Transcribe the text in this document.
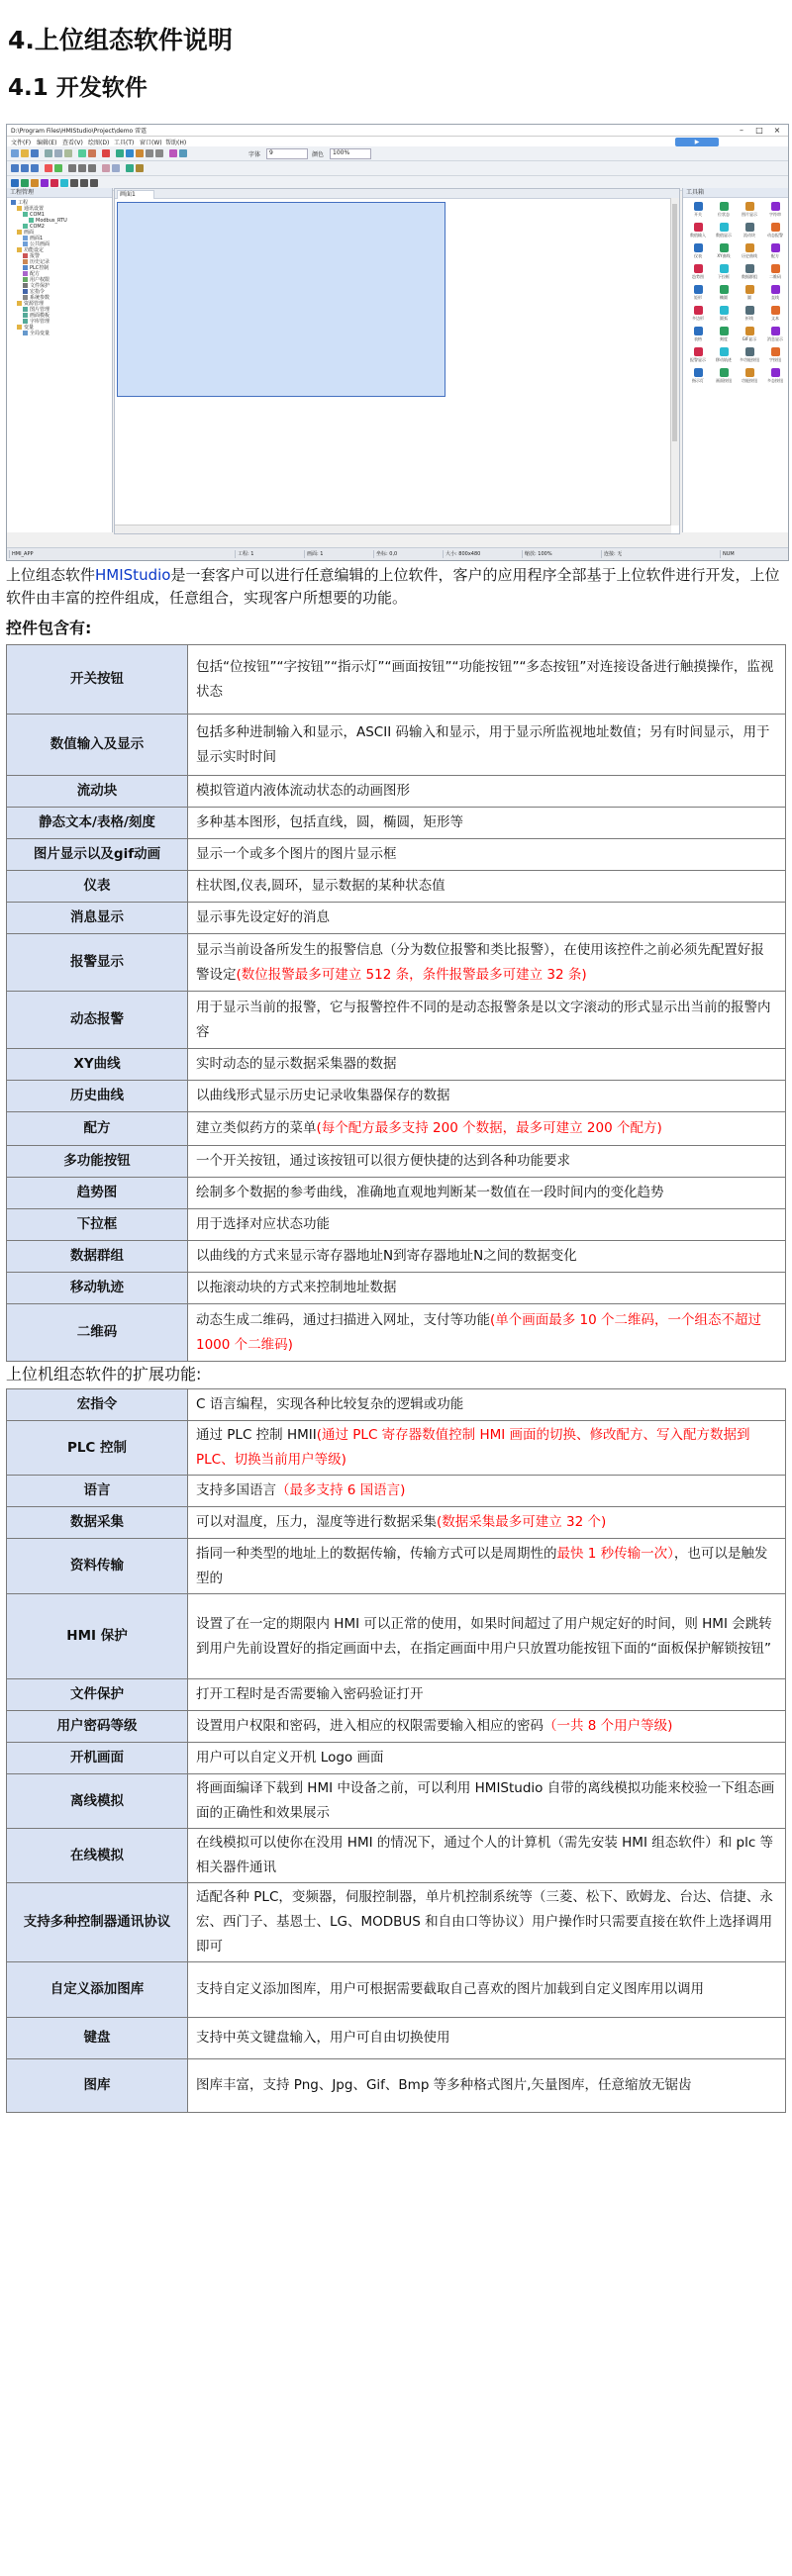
4.上位组态软件说明
4.1 开发软件
D:\Program Files\HMIStudio\Project\demo 雷霆	–	□	×
文件(F) 编辑(E) 查看(V) 绘图(D) 工具(T) 窗口(W) 帮助(H)	▶
字体	9	颜色	100%
工程管理
工程
通讯设置
COM1
Modbus_RTU
COM2
画面
画面1
公共画面
功能设定
报警
历史记录
PLC控制
配方
用户权限
文件保护
宏指令
系统参数
资源管理
图片管理
画面模板
字库管理
变量
全局变量
画面1	工具箱
开关	位状态	图片显示	字符串
数值输入	数值显示	流动块	动态报警
仪表	XY曲线	历史曲线	配方
趋势图	下拉框	数据群组	二维码
矩形	椭圆	圆	直线
多边形	圆弧	折线	文本
表格	刻度	GIF显示	消息显示
报警显示	移动轨迹	多功能按钮	字按钮
指示灯	画面按钮	功能按钮	多态按钮
HMI_APP	工程: 1	画面: 1	坐标: 0,0	大小: 800x480	缩放: 100%	连接: 无	NUM

上位组态软件HMIStudio是一套客户可以进行任意编辑的上位软件，客户的应用程序全部基于上位软件进行开发，上位软件由丰富的控件组成，任意组合，实现客户所想要的功能。

控件包含有:

开关按钮	包括“位按钮”“字按钮”“指示灯”“画面按钮”“功能按钮”“多态按钮”对连接设备进行触摸操作，监视状态
数值输入及显示	包括多种进制输入和显示，ASCII 码输入和显示，用于显示所监视地址数值；另有时间显示，用于显示实时时间
流动块	模拟管道内液体流动状态的动画图形
静态文本/表格/刻度	多种基本图形，包括直线，圆，椭圆，矩形等
图片显示以及gif动画	显示一个或多个图片的图片显示框
仪表	柱状图,仪表,圆环，显示数据的某种状态值
消息显示	显示事先设定好的消息
报警显示	显示当前设备所发生的报警信息（分为数位报警和类比报警），在使用该控件之前必须先配置好报警设定(数位报警最多可建立 512 条，条件报警最多可建立 32 条)
动态报警	用于显示当前的报警，它与报警控件不同的是动态报警条是以文字滚动的形式显示出当前的报警内容
XY曲线	实时动态的显示数据采集器的数据
历史曲线	以曲线形式显示历史记录收集器保存的数据
配方	建立类似药方的菜单(每个配方最多支持 200 个数据，最多可建立 200 个配方)
多功能按钮	一个开关按钮，通过该按钮可以很方便快捷的达到各种功能要求
趋势图	绘制多个数据的参考曲线，准确地直观地判断某一数值在一段时间内的变化趋势
下拉框	用于选择对应状态功能
数据群组	以曲线的方式来显示寄存器地址N到寄存器地址N之间的数据变化
移动轨迹	以拖滚动块的方式来控制地址数据
二维码	动态生成二维码，通过扫描进入网址，支付等功能(单个画面最多 10 个二维码，一个组态不超过 1000 个二维码)

上位机组态软件的扩展功能:

宏指令	C 语言编程，实现各种比较复杂的逻辑或功能
PLC 控制	通过 PLC 控制 HMII(通过 PLC 寄存器数值控制 HMI 画面的切换、修改配方、写入配方数据到 PLC、切换当前用户等级)
语言	支持多国语言（最多支持 6 国语言)
数据采集	可以对温度，压力，湿度等进行数据采集(数据采集最多可建立 32 个)
资料传输	指同一种类型的地址上的数据传输，传输方式可以是周期性的最快 1 秒传输一次），也可以是触发型的
HMI 保护	设置了在一定的期限内 HMI 可以正常的使用，如果时间超过了用户规定好的时间，则 HMI 会跳转到用户先前设置好的指定画面中去，在指定画面中用户只放置功能按钮下面的“面板保护解锁按钮”
文件保护	打开工程时是否需要输入密码验证打开
用户密码等级	设置用户权限和密码，进入相应的权限需要输入相应的密码（一共 8 个用户等级)
开机画面	用户可以自定义开机 Logo 画面
离线模拟	将画面编译下载到 HMI 中设备之前，可以利用 HMIStudio 自带的离线模拟功能来校验一下组态画面的正确性和效果展示
在线模拟	在线模拟可以使你在没用 HMI 的情况下，通过个人的计算机（需先安装 HMI 组态软件）和 plc 等相关器件通讯
支持多种控制器通讯协议	适配各种 PLC，变频器，伺服控制器，单片机控制系统等（三菱、松下、欧姆龙、台达、信捷、永宏、西门子、基恩士、LG、MODBUS 和自由口等协议）用户操作时只需要直接在软件上选择调用即可
自定义添加图库	支持自定义添加图库，用户可根据需要截取自己喜欢的图片加载到自定义图库用以调用
键盘	支持中英文键盘输入，用户可自由切换使用
图库	图库丰富，支持 Png、Jpg、Gif、Bmp 等多种格式图片,矢量图库，任意缩放无锯齿
